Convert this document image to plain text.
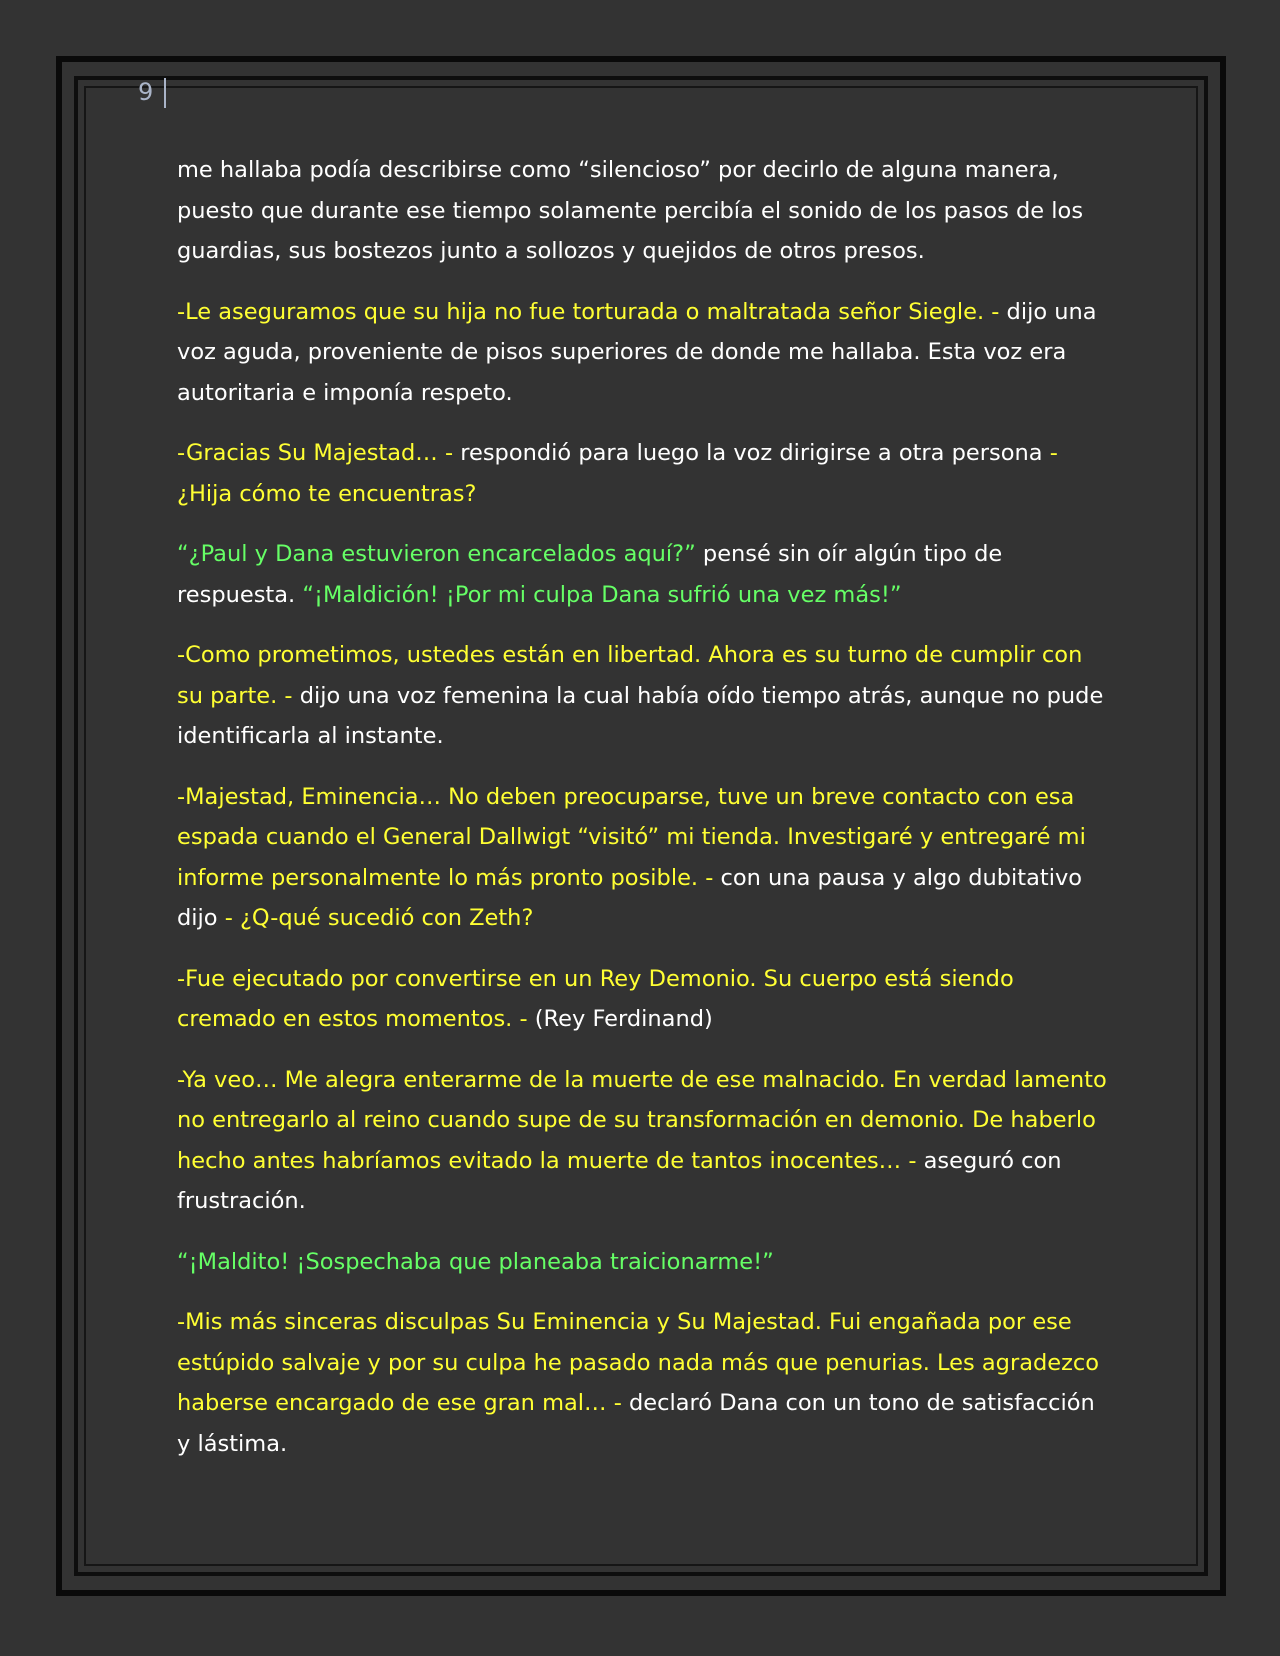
9

me hallaba podía describirse como “silencioso” por decirlo de alguna manera, puesto que durante ese tiempo solamente percibía el sonido de los pasos de los guardias, sus bostezos junto a sollozos y quejidos de otros presos.

-Le aseguramos que su hija no fue torturada o maltratada señor Siegle. - dijo una voz aguda, proveniente de pisos superiores de donde me hallaba. Esta voz era autoritaria e imponía respeto.

-Gracias Su Majestad… - respondió para luego la voz dirigirse a otra persona - ¿Hija cómo te encuentras?

“¿Paul y Dana estuvieron encarcelados aquí?” pensé sin oír algún tipo de respuesta. “¡Maldición! ¡Por mi culpa Dana sufrió una vez más!”

-Como prometimos, ustedes están en libertad. Ahora es su turno de cumplir con su parte. - dijo una voz femenina la cual había oído tiempo atrás, aunque no pude identificarla al instante.

-Majestad, Eminencia… No deben preocuparse, tuve un breve contacto con esa espada cuando el General Dallwigt “visitó” mi tienda. Investigaré y entregaré mi informe personalmente lo más pronto posible. - con una pausa y algo dubitativo dijo - ¿Q-qué sucedió con Zeth?

-Fue ejecutado por convertirse en un Rey Demonio. Su cuerpo está siendo cremado en estos momentos. - (Rey Ferdinand)

-Ya veo… Me alegra enterarme de la muerte de ese malnacido. En verdad lamento no entregarlo al reino cuando supe de su transformación en demonio. De haberlo hecho antes habríamos evitado la muerte de tantos inocentes… - aseguró con frustración.

“¡Maldito! ¡Sospechaba que planeaba traicionarme!”

-Mis más sinceras disculpas Su Eminencia y Su Majestad. Fui engañada por ese estúpido salvaje y por su culpa he pasado nada más que penurias. Les agradezco haberse encargado de ese gran mal… - declaró Dana con un tono de satisfacción y lástima.
